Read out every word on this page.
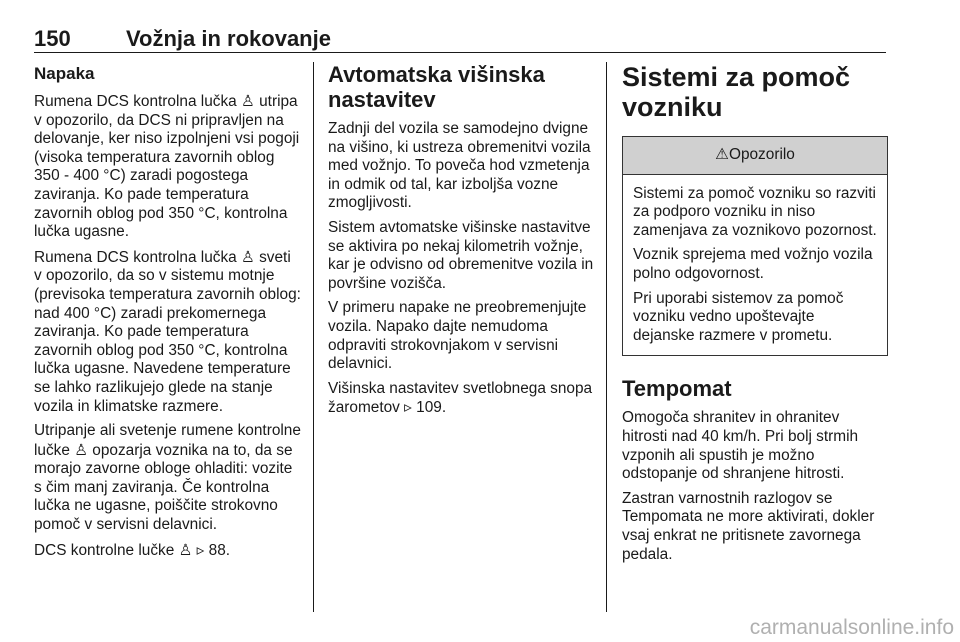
150	Vožnja in rokovanje
Napaka

Rumena DCS kontrolna lučka ♙ utripa v opozorilo, da DCS ni pripravljen na delovanje, ker niso izpolnjeni vsi pogoji (visoka temperatura zavornih oblog 350 - 400 °C) zaradi pogostega zaviranja. Ko pade temperatura zavornih oblog pod 350 °C, kontrolna lučka ugasne.

Rumena DCS kontrolna lučka ♙ sveti v opozorilo, da so v sistemu motnje (previsoka temperatura zavornih oblog: nad 400 °C) zaradi prekomernega zaviranja. Ko pade temperatura zavornih oblog pod 350 °C, kontrolna lučka ugasne. Navedene temperature se lahko razlikujejo glede na stanje vozila in klimatske razmere.

Utripanje ali svetenje rumene kontrolne lučke ♙ opozarja voznika na to, da se morajo zavorne obloge ohladiti: vozite s čim manj zaviranja. Če kontrolna lučka ne ugasne, poiščite strokovno pomoč v servisni delavnici.

DCS kontrolne lučke ♙ ▹ 88.

Avtomatska višinska nastavitev

Zadnji del vozila se samodejno dvigne na višino, ki ustreza obremenitvi vozila med vožnjo. To poveča hod vzmetenja in odmik od tal, kar izboljša vozne zmogljivosti.

Sistem avtomatske višinske nastavitve se aktivira po nekaj kilometrih vožnje, kar je odvisno od obremenitve vozila in površine vozišča.

V primeru napake ne preobremenjujte vozila. Napako dajte nemudoma odpraviti strokovnjakom v servisni delavnici.

Višinska nastavitev svetlobnega snopa žarometov ▹ 109.

Sistemi za pomoč vozniku
⚠Opozorilo

Sistemi za pomoč vozniku so razviti za podporo vozniku in niso zamenjava za voznikovo pozornost.

Voznik sprejema med vožnjo vozila polno odgovornost.

Pri uporabi sistemov za pomoč vozniku vedno upoštevajte dejanske razmere v prometu.

Tempomat

Omogoča shranitev in ohranitev hitrosti nad 40 km/h. Pri bolj strmih vzponih ali spustih je možno odstopanje od shranjene hitrosti.

Zastran varnostnih razlogov se Tempomata ne more aktivirati, dokler vsaj enkrat ne pritisnete zavornega pedala.

carmanualsonline.info
